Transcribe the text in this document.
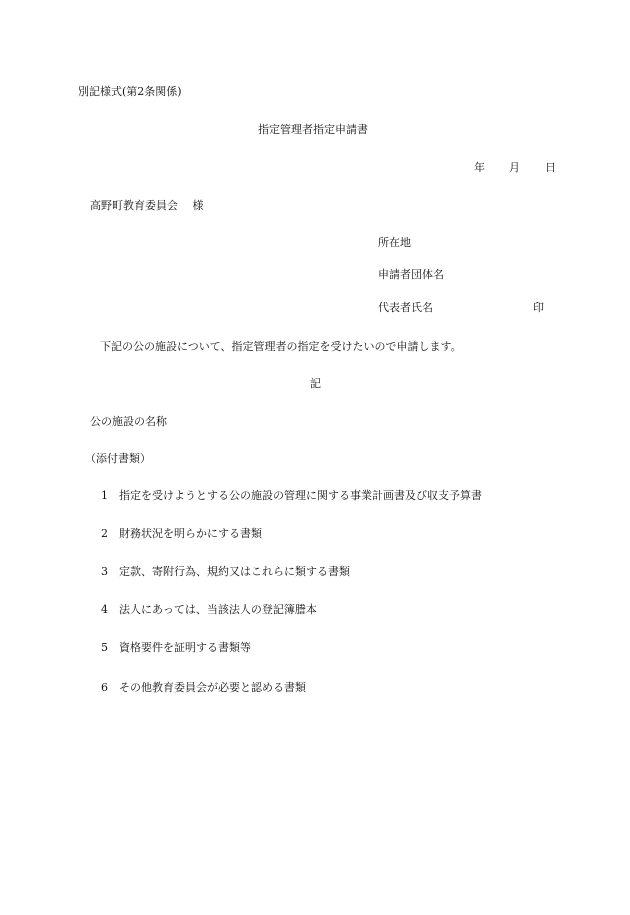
別記様式(第2条関係)
指定管理者指定申請書
年 月 日
高野町教育委員会　 様
所在地
申請者団体名
代表者氏名	印
下記の公の施設について、指定管理者の指定を受けたいので申請します。
記
公の施設の名称
（添付書類）
1 指定を受けようとする公の施設の管理に関する事業計画書及び収支予算書
2 財務状況を明らかにする書類
3 定款、寄附行為、規約又はこれらに類する書類
4 法人にあっては、当該法人の登記簿謄本
5 資格要件を証明する書類等
6 その他教育委員会が必要と認める書類
